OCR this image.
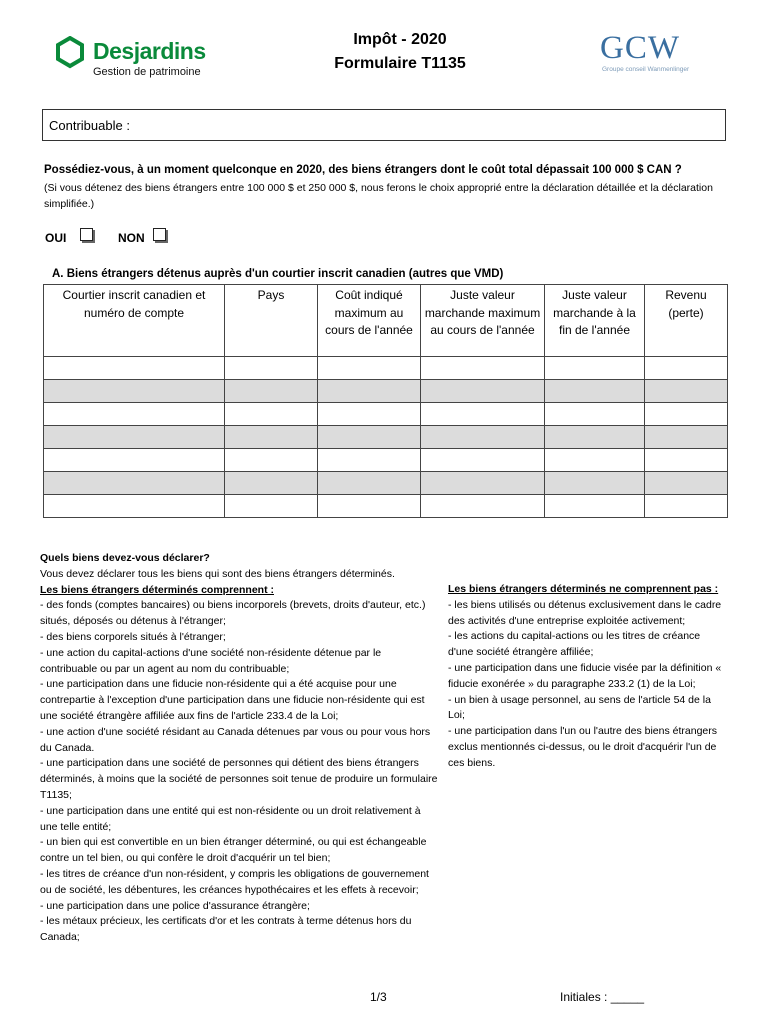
Desjardins
Gestion de patrimoine
Impôt - 2020
Formulaire T1135	GCW
Groupe conseil Wanmenlinger
Contribuable :
Possédiez-vous, à un moment quelconque en 2020, des biens étrangers dont le coût total dépassait 100 000 $ CAN ?
(Si vous détenez des biens étrangers entre 100 000 $ et 250 000 $, nous ferons le choix approprié entre la déclaration détaillée et la déclaration simplifiée.)
OUI	NON
A. Biens étrangers détenus auprès d'un courtier inscrit canadien (autres que VMD)
Courtier inscrit canadien et numéro de compte	Pays	Coût indiqué maximum au cours de l'année	Juste valeur marchande maximum au cours de l'année	Juste valeur marchande à la fin de l'année	Revenu (perte)

Quels biens devez-vous déclarer?
Vous devez déclarer tous les biens qui sont des biens étrangers déterminés.
Les biens étrangers déterminés comprennent :
- des fonds (comptes bancaires) ou biens incorporels (brevets, droits d'auteur, etc.) situés, déposés ou détenus à l'étranger;
- des biens corporels situés à l'étranger;
- une action du capital-actions d'une société non-résidente détenue par le contribuable ou par un agent au nom du contribuable;
- une participation dans une fiducie non-résidente qui a été acquise pour une contrepartie à l'exception d'une participation dans une fiducie non-résidente qui est une société étrangère affiliée aux fins de l'article 233.4 de la Loi;
- une action d'une société résidant au Canada détenues par vous ou pour vous hors du Canada.
- une participation dans une société de personnes qui détient des biens étrangers déterminés, à moins que la société de personnes soit tenue de produire un formulaire T1135;
- une participation dans une entité qui est non-résidente ou un droit relativement à une telle entité;
- un bien qui est convertible en un bien étranger déterminé, ou qui est échangeable contre un tel bien, ou qui confère le droit d'acquérir un tel bien;
- les titres de créance d'un non-résident, y compris les obligations de gouvernement ou de société, les débentures, les créances hypothécaires et les effets à recevoir;
- une participation dans une police d'assurance étrangère;
- les métaux précieux, les certificats d'or et les contrats à terme détenus hors du Canada;
Les biens étrangers déterminés ne comprennent pas :
- les biens utilisés ou détenus exclusivement dans le cadre des activités d'une entreprise exploitée activement;
- les actions du capital-actions ou les titres de créance d'une société étrangère affiliée;
- une participation dans une fiducie visée par la définition « fiducie exonérée » du paragraphe 233.2 (1) de la Loi;
- un bien à usage personnel, au sens de l'article 54 de la Loi;
- une participation dans l'un ou l'autre des biens étrangers exclus mentionnés ci-dessus, ou le droit d'acquérir l'un de ces biens.
1/3	Initiales : _____
